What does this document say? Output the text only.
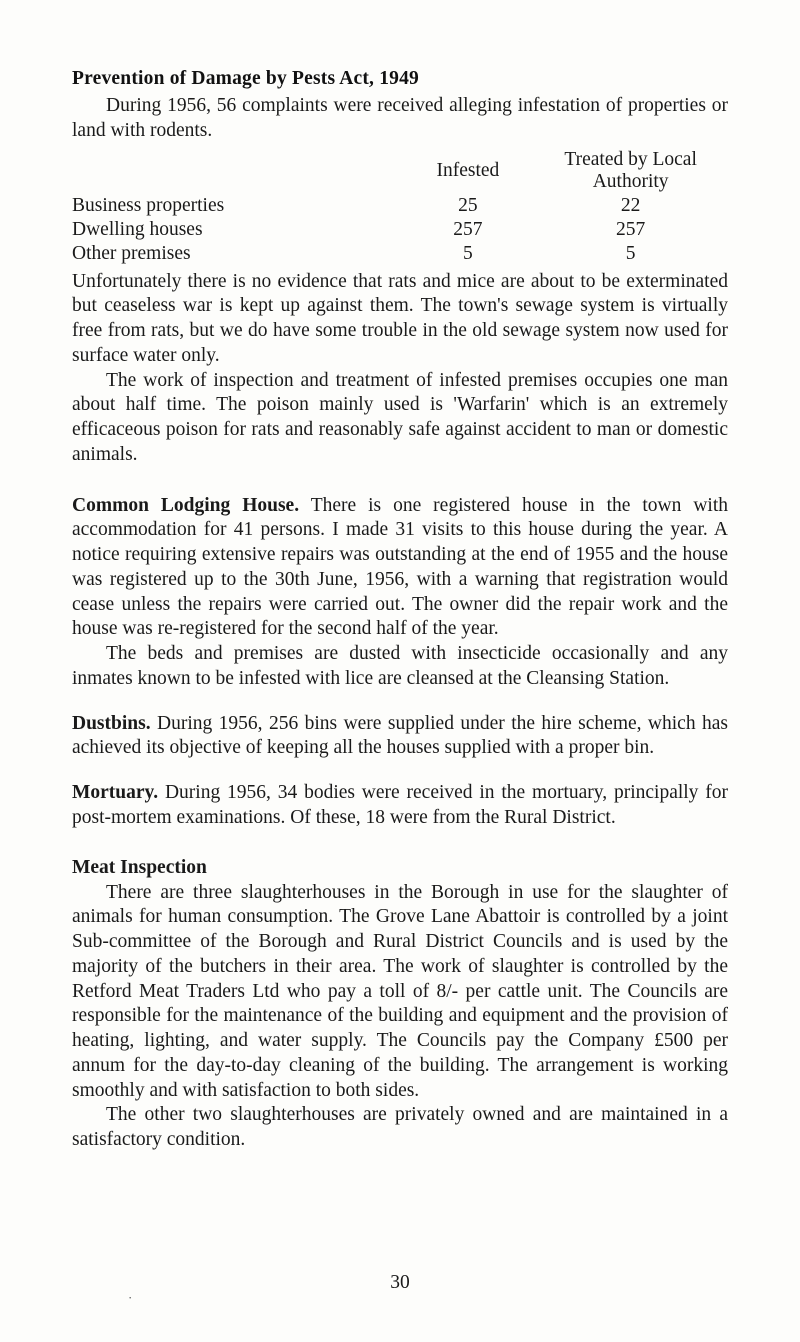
Prevention of Damage by Pests Act, 1949

During 1956, 56 complaints were received alleging infestation of properties or land with rodents.

	Infested	Treated by Local Authority
Business properties	25	22
Dwelling houses	257	257
Other premises	5	5

Unfortunately there is no evidence that rats and mice are about to be exterminated but ceaseless war is kept up against them. The town's sewage system is virtually free from rats, but we do have some trouble in the old sewage system now used for surface water only.

The work of inspection and treatment of infested premises occupies one man about half time. The poison mainly used is 'Warfarin' which is an extremely efficaceous poison for rats and reasonably safe against accident to man or domestic animals.

Common Lodging House. There is one registered house in the town with accommodation for 41 persons. I made 31 visits to this house during the year. A notice requiring extensive repairs was outstanding at the end of 1955 and the house was registered up to the 30th June, 1956, with a warning that registration would cease unless the repairs were carried out. The owner did the repair work and the house was re-registered for the second half of the year.

The beds and premises are dusted with insecticide occasionally and any inmates known to be infested with lice are cleansed at the Cleansing Station.

Dustbins. During 1956, 256 bins were supplied under the hire scheme, which has achieved its objective of keeping all the houses supplied with a proper bin.

Mortuary. During 1956, 34 bodies were received in the mortuary, principally for post-mortem examinations. Of these, 18 were from the Rural District.

Meat Inspection

There are three slaughterhouses in the Borough in use for the slaughter of animals for human consumption. The Grove Lane Abattoir is controlled by a joint Sub-committee of the Borough and Rural District Councils and is used by the majority of the butchers in their area. The work of slaughter is controlled by the Retford Meat Traders Ltd who pay a toll of 8/- per cattle unit. The Councils are responsible for the maintenance of the building and equipment and the provision of heating, lighting, and water supply. The Councils pay the Company £500 per annum for the day-to-day cleaning of the building. The arrangement is working smoothly and with satisfaction to both sides.

The other two slaughterhouses are privately owned and are maintained in a satisfactory condition.

·
30
